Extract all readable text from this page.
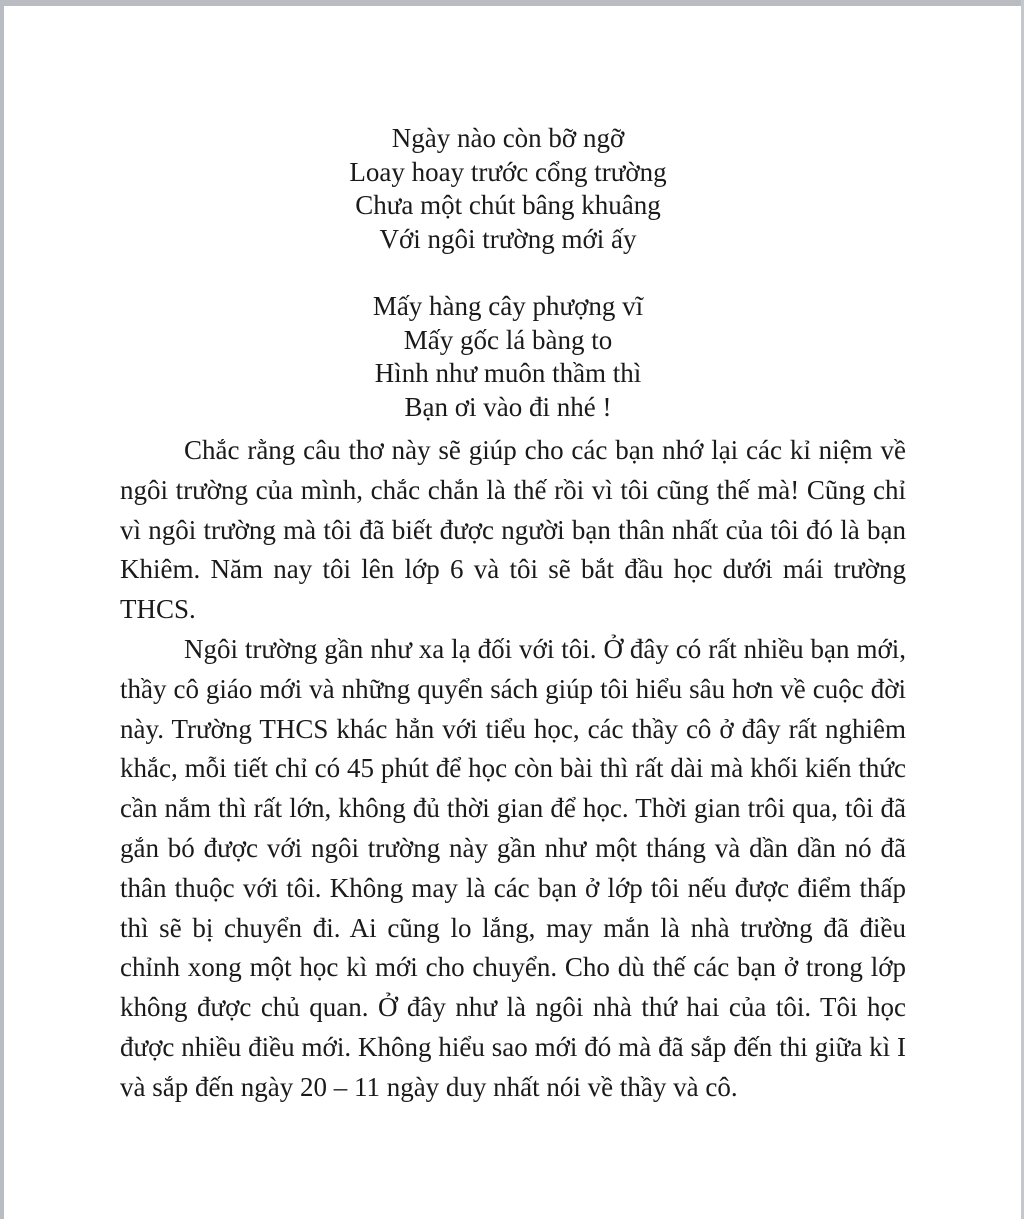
Ngày nào còn bỡ ngỡ
Loay hoay trước cổng trường
Chưa một chút bâng khuâng
Với ngôi trường mới ấy
Mấy hàng cây phượng vĩ
Mấy gốc lá bàng to
Hình như muôn thầm thì
Bạn ơi vào đi nhé !

Chắc rằng câu thơ này sẽ giúp cho các bạn nhớ lại các kỉ niệm về ngôi trường của mình, chắc chắn là thế rồi vì tôi cũng thế mà! Cũng chỉ vì ngôi trường mà tôi đã biết được người bạn thân nhất của tôi đó là bạn Khiêm. Năm nay tôi lên lớp 6 và tôi sẽ bắt đầu học dưới mái trường THCS.

Ngôi trường gần như xa lạ đối với tôi. Ở đây có rất nhiều bạn mới, thầy cô giáo mới và những quyển sách giúp tôi hiểu sâu hơn về cuộc đời này. Trường THCS khác hẳn với tiểu học, các thầy cô ở đây rất nghiêm khắc, mỗi tiết chỉ có 45 phút để học còn bài thì rất dài mà khối kiến thức cần nắm thì rất lớn, không đủ thời gian để học. Thời gian trôi qua, tôi đã gắn bó được với ngôi trường này gần như một tháng và dần dần nó đã thân thuộc với tôi. Không may là các bạn ở lớp tôi nếu được điểm thấp thì sẽ bị chuyển đi. Ai cũng lo lắng, may mắn là nhà trường đã điều chỉnh xong một học kì mới cho chuyển. Cho dù thế các bạn ở trong lớp không được chủ quan. Ở đây như là ngôi nhà thứ hai của tôi. Tôi học được nhiều điều mới. Không hiểu sao mới đó mà đã sắp đến thi giữa kì I và sắp đến ngày 20 – 11 ngày duy nhất nói về thầy và cô.
